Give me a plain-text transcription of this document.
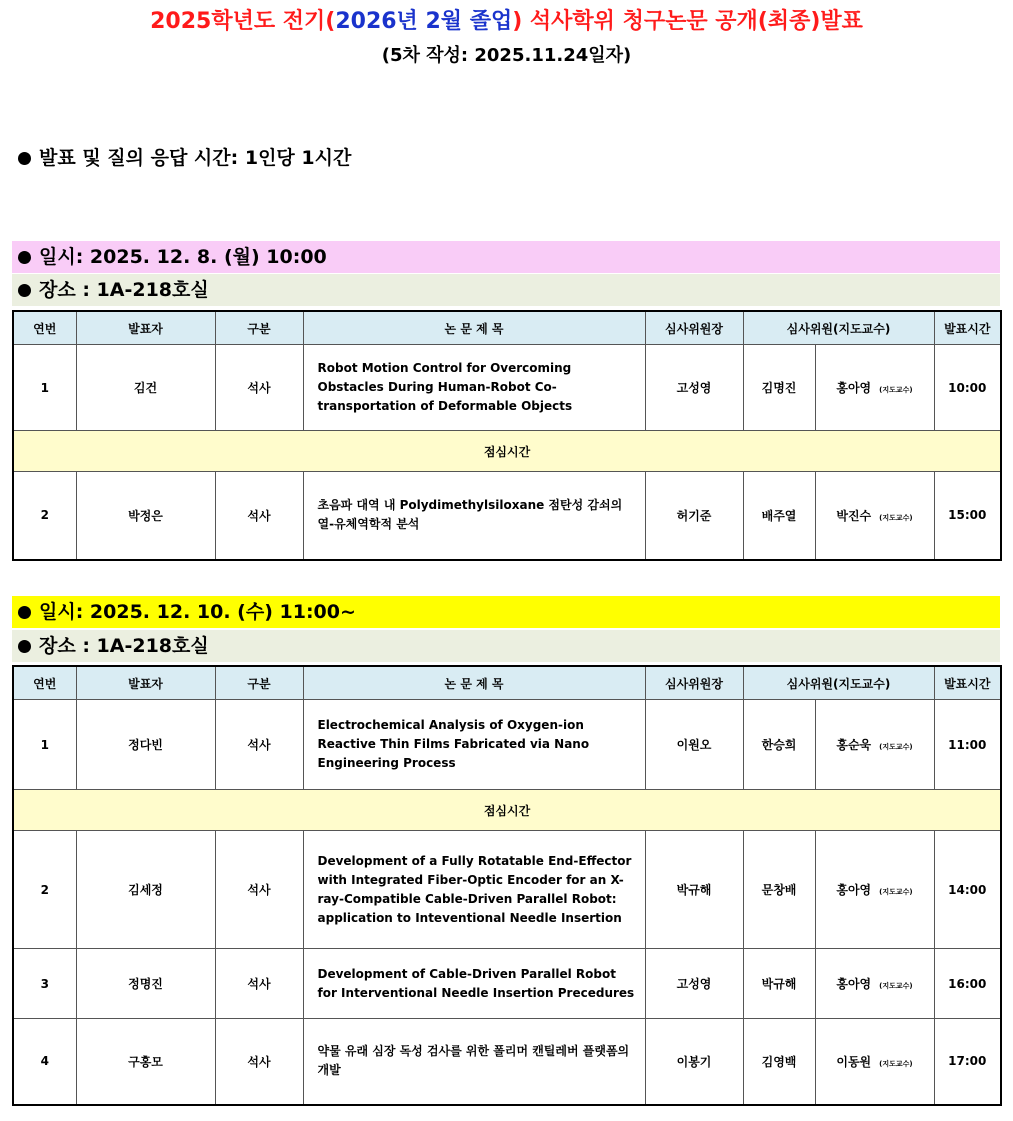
2025학년도 전기(2026년 2월 졸업) 석사학위 청구논문 공개(최종)발표
(5차 작성: 2025.11.24일자)
발표 및 질의 응답 시간: 1인당 1시간
일시: 2025. 12. 8. (월) 10:00
장소 : 1A-218호실
연번	발표자	구분	논 문 제 목	심사위원장	심사위원(지도교수)		발표시간
1	김건	석사	Robot Motion Control for Overcoming Obstacles During Human-Robot Co-transportation of Deformable Objects	고성영	김명진	홍아영 (지도교수)	10:00
점심시간							
2	박정은	석사	초음파 대역 내 Polydimethylsiloxane 점탄성 감쇠의 열-유체역학적 분석	허기준	배주열	박진수 (지도교수)	15:00
일시: 2025. 12. 10. (수) 11:00~
장소 : 1A-218호실
연번	발표자	구분	논 문 제 목	심사위원장	심사위원(지도교수)		발표시간
1	정다빈	석사	Electrochemical Analysis of Oxygen-ion Reactive Thin Films Fabricated via Nano Engineering Process	이원오	한승희	홍순욱 (지도교수)	11:00
점심시간							
2	김세정	석사	Development of a Fully Rotatable End-Effector with Integrated Fiber-Optic Encoder for an X-ray-Compatible Cable-Driven Parallel Robot: application to Inteventional Needle Insertion	박규해	문창배	홍아영 (지도교수)	14:00
3	정명진	석사	Development of Cable-Driven Parallel Robot for Interventional Needle Insertion Precedures	고성영	박규해	홍아영 (지도교수)	16:00
4	구홍모	석사	약물 유래 심장 독성 검사를 위한 폴리머 캔틸레버 플랫폼의 개발	이봉기	김영백	이동원 (지도교수)	17:00
